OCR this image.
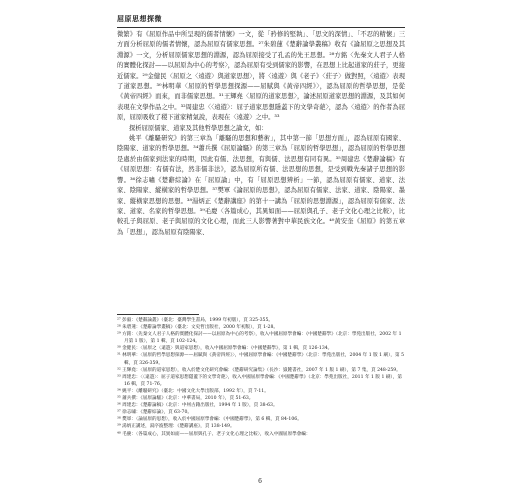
屈原思想探微

微繁》有《屈原作品中所呈現的儒者情懷》一文，從「矜修的堅執」、「思文的深情」、「不忍的精懷」三方面分析屈原的儒者情懷，認為屈原有儒家思想。²⁷朱碧蓮《楚辭論學叢稿》收有《論屈原之思想及其淵源》一文，分析屈原儒家思想的淵源，認為屈原接受了孔孟的先王思想。²⁸方銘〈先秦文人君子人格的實體化探討——以屈原為中心的考察〉，認為屈原有受到儒家的影響，在思想上比起道家的莊子，更接近儒家。²⁹金健民〈屈原之〈遠遊〉與道家思想〉，將〈遠遊〉與《老子》〈莊子〉做對照，〈遠遊〉表現了道家思想。³⁰林明華〈屈原的哲學思想探源——屈賦與《黃帝四經》〉，認為屈原的哲學思想，是從《黃帝四經》而來，而非儒家思想。³¹王輝堯〈屈原的道家思想〉，論述屈原道家思想的淵源，及其如何表現在文學作品之中。³²周建忠〈〈遠遊〉：屈子道家思想隱蓋下的文學奇葩〉，認為〈遠遊〉的作者為屈原，屈原吸收了稷下道家精氣說，表現在〈遠遊〉之中。³³

探析屈原儒家、道家及其他哲學思想之論文，如：

姚平《離騷研究》的第三章為「離騷的思想和藝術」，其中第一節「思想方面」，認為屈原有國家、陰陽家、道家的哲學思想。³⁴蕭兵撰《屈原論騷》的第三章為「屈原的哲學思想」，認為屈原的哲學思想是處於由儒家到法家的時期，因此有儒、法思想，有與儒、法思想有同有異。³⁵周建忠《楚辭論稿》有《屈原思想：有儒有法，然非儒非法》，認為屈原所有儒、法思想的思想，是受到戰先秦諸子思想的影響。³⁶徐志嘯《楚辭綜論》在「屈原論」中，有「屈原思想辨析」一節，認為屈原有儒家、道家、法家、陰陽家、縱橫家的哲學思想。³⁷樊軍《論屈原的思想》，認為屈原有儒家、法家、道家、陰陽家、墨家、縱橫家思想的思想。³⁸湯炳正《楚辭講座》的第十一講為「屈原的思想淵源」，認為屈原有儒家、法家、道家、名家的哲學思想。³⁹毛慶〈各篇成心，其異如面——屈原與孔子、老子文化心理之比較〉，比較孔子與屈原、老子與屈原的文化心理，而此三人影響著對中華民族文化。⁴⁰黃安奎《屈原》的第五章為「思想」，認為屈原有陰陽家、

²⁷ 彭毅：《楚辭論叢》（臺北：臺灣學生書局，1999 年初版），頁 325-355。

²⁸ 朱碧蓮：《楚辭論學叢稿》（臺北：文史哲出版社，2000 年初版），頁 1-28。

²⁹ 方銘：〈先秦文人君子人格的實體化探討——以屈原為中心的考察〉，收入中國屈原學會編：《中國楚辭學》（北京：學苑出版社，2002 年 1 月第 1 版），第 1 輯，頁 102-124。

³⁰ 金健民：〈屈原之〈遠遊〉與道家思想〉，收入中國屈原學會編：《中國楚辭學》，第 1 輯，頁 126-134。

³¹ 林明華：〈屈原的哲學思想探源——屈賦與《黃帝四經》〉，中國屈原學會編：《中國楚辭學》（北京：學苑出版社，2004 年 1 版 1 刷），第 5 輯，頁 326-359。

³² 王輝堯：〈屈原的道家思想〉，收入於楚文化研究會編：《楚辭研究論集》（長沙：嶽麓書社，2007 年 1 版 1 刷），第 7 集，頁 248-259。

³³ 周建忠：〈〈遠遊〉：屈子道家思想隱蓋下的文學奇葩〉，收入中國屈原學會編：《中國楚辭學》（北京：學苑出版社，2011 年 1 版 1 刷），第 16 輯，頁 71-76。

³⁴ 姚平：《離騷研究》（臺北：中國文化大學出版部，1992 年），頁 7-11。

³⁵ 蕭兵撰：《屈原論騷》（北京：中華書局，2010 年），頁 51-63。

³⁶ 周建忠：《楚辭論稿》（北京：中州古籍出版社，1994 年 1 版），頁 38-63。

³⁷ 徐志嘯：《楚辭綜論》，頁 63-70。

³⁸ 樊軍：〈論屈原的思想〉，收入於中國屈原學會編：《中國楚辭學》，第 6 輯，頁 84-106。

³⁹ 湯炳正講述，湯序波整理：《楚辭講座》，頁 138-149。

⁴⁰ 毛慶：〈各篇成心，其異如面——屈原與孔子、老子文化心理之比較〉，收入中國屈原學會編：

6
